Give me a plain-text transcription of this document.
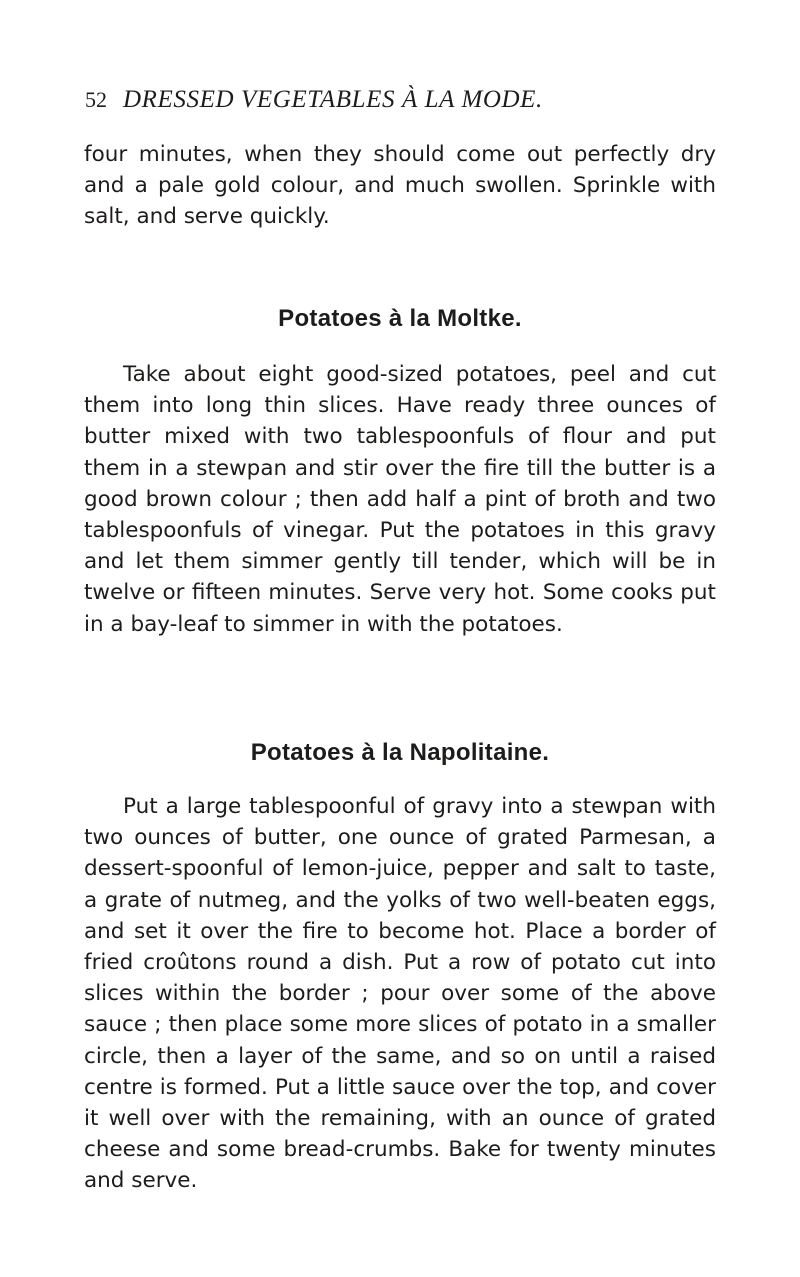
52 DRESSED VEGETABLES À LA MODE.

four minutes, when they should come out perfectly dry and a pale gold colour, and much swollen. Sprinkle with salt, and serve quickly.

Potatoes à la Moltke.

Take about eight good-sized potatoes, peel and cut them into long thin slices. Have ready three ounces of butter mixed with two tablespoonfuls of flour and put them in a stewpan and stir over the fire till the butter is a good brown colour ; then add half a pint of broth and two tablespoonfuls of vinegar. Put the potatoes in this gravy and let them simmer gently till tender, which will be in twelve or fifteen minutes. Serve very hot. Some cooks put in a bay-leaf to simmer in with the potatoes.

Potatoes à la Napolitaine.

Put a large tablespoonful of gravy into a stewpan with two ounces of butter, one ounce of grated Parmesan, a dessert-spoonful of lemon-juice, pepper and salt to taste, a grate of nutmeg, and the yolks of two well-beaten eggs, and set it over the fire to become hot. Place a border of fried croûtons round a dish. Put a row of potato cut into slices within the border ; pour over some of the above sauce ; then place some more slices of potato in a smaller circle, then a layer of the same, and so on until a raised centre is formed. Put a little sauce over the top, and cover it well over with the remaining, with an ounce of grated cheese and some bread-crumbs. Bake for twenty minutes and serve.
